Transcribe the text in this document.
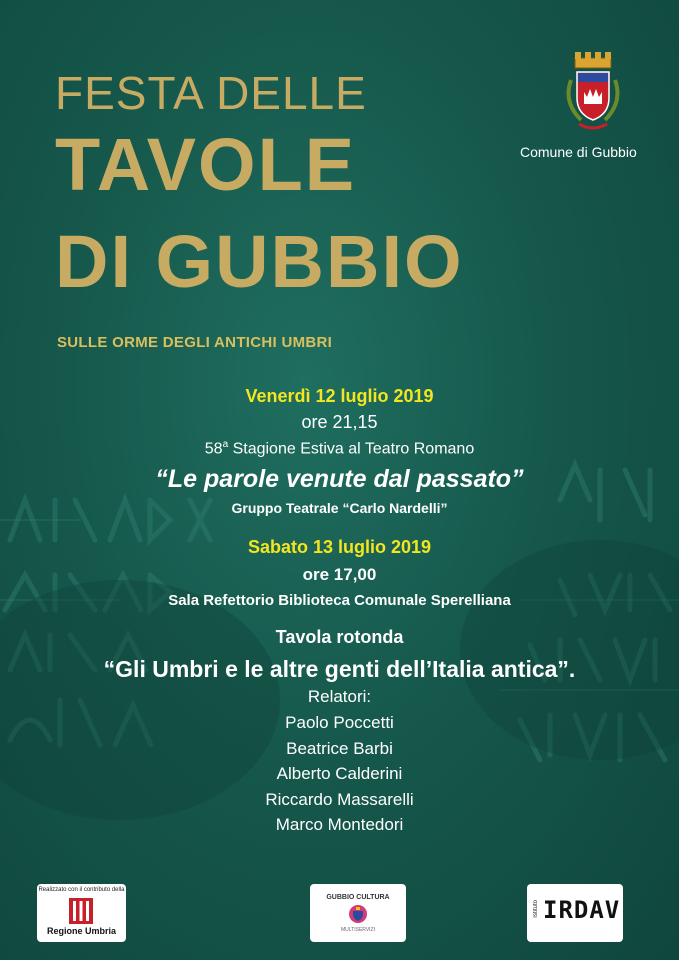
FESTA DELLE
TAVOLE
DI GUBBIO
SULLE ORME DEGLI ANTICHI UMBRI
Comune di Gubbio
Venerdì 12 luglio 2019
ore 21,15
58$^a$ Stagione Estiva al Teatro Romano
“Le parole venute dal passato”
Gruppo Teatrale “Carlo Nardelli”
Sabato 13 luglio 2019
ore 17,00
Sala Refettorio Biblioteca Comunale Sperelliana
Tavola rotonda
“Gli Umbri e le altre genti dell’Italia antica”.
Relatori:
Paolo Poccetti
Beatrice Barbi
Alberto Calderini
Riccardo Massarelli
Marco Montedori
Realizzato con il contributo della
Regione Umbria
GUBBIO CULTURA
MULTISERVIZI
Istituto IRDAV
